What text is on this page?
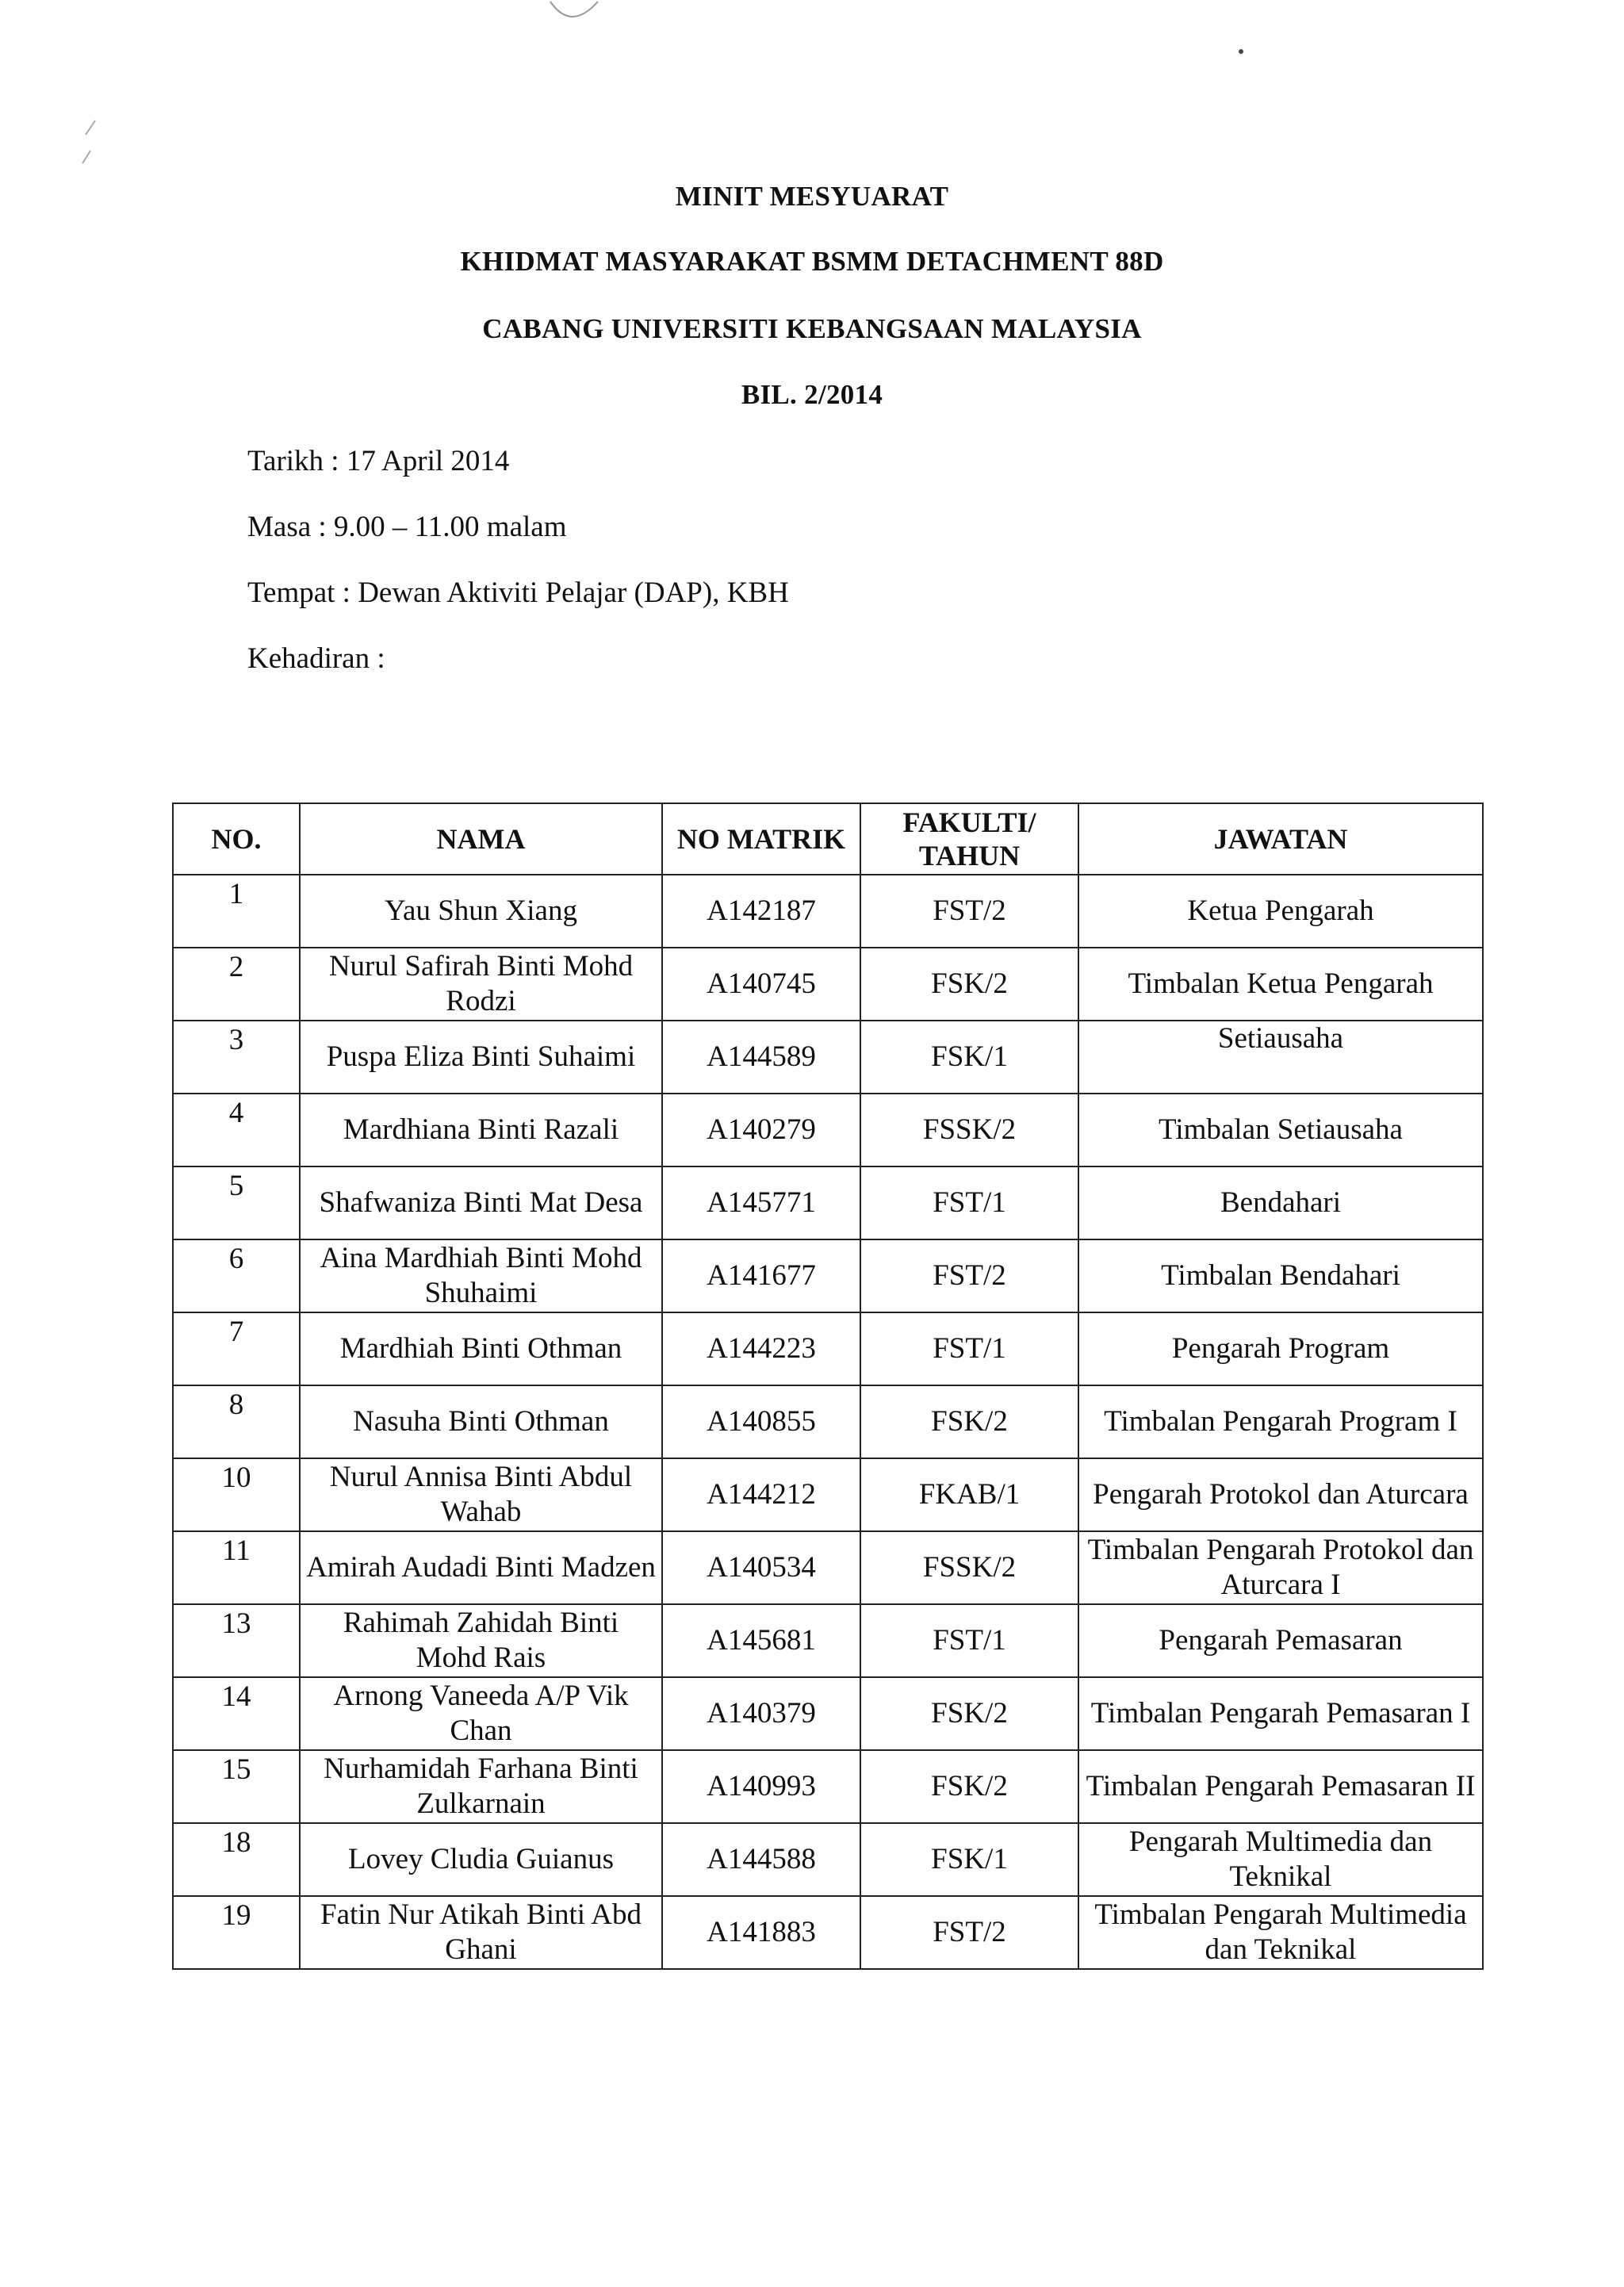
MINIT MESYUARAT
KHIDMAT MASYARAKAT BSMM DETACHMENT 88D
CABANG UNIVERSITI KEBANGSAAN MALAYSIA
BIL. 2/2014
Tarikh : 17 April 2014
Masa : 9.00 – 11.00 malam
Tempat : Dewan Aktiviti Pelajar (DAP), KBH
Kehadiran :
NO.	NAMA	NO MATRIK	FAKULTI/ TAHUN	JAWATAN
1	Yau Shun Xiang	A142187	FST/2	Ketua Pengarah
2	Nurul Safirah Binti Mohd Rodzi	A140745	FSK/2	Timbalan Ketua Pengarah
3	Puspa Eliza Binti Suhaimi	A144589	FSK/1	Setiausaha
4	Mardhiana Binti Razali	A140279	FSSK/2	Timbalan Setiausaha
5	Shafwaniza Binti Mat Desa	A145771	FST/1	Bendahari
6	Aina Mardhiah Binti Mohd Shuhaimi	A141677	FST/2	Timbalan Bendahari
7	Mardhiah Binti Othman	A144223	FST/1	Pengarah Program
8	Nasuha Binti Othman	A140855	FSK/2	Timbalan Pengarah Program I
10	Nurul Annisa Binti Abdul Wahab	A144212	FKAB/1	Pengarah Protokol dan Aturcara
11	Amirah Audadi Binti Madzen	A140534	FSSK/2	Timbalan Pengarah Protokol dan Aturcara I
13	Rahimah Zahidah Binti Mohd Rais	A145681	FST/1	Pengarah Pemasaran
14	Arnong Vaneeda A/P Vik Chan	A140379	FSK/2	Timbalan Pengarah Pemasaran I
15	Nurhamidah Farhana Binti Zulkarnain	A140993	FSK/2	Timbalan Pengarah Pemasaran II
18	Lovey Cludia Guianus	A144588	FSK/1	Pengarah Multimedia dan Teknikal
19	Fatin Nur Atikah Binti Abd Ghani	A141883	FST/2	Timbalan Pengarah Multimedia dan Teknikal
